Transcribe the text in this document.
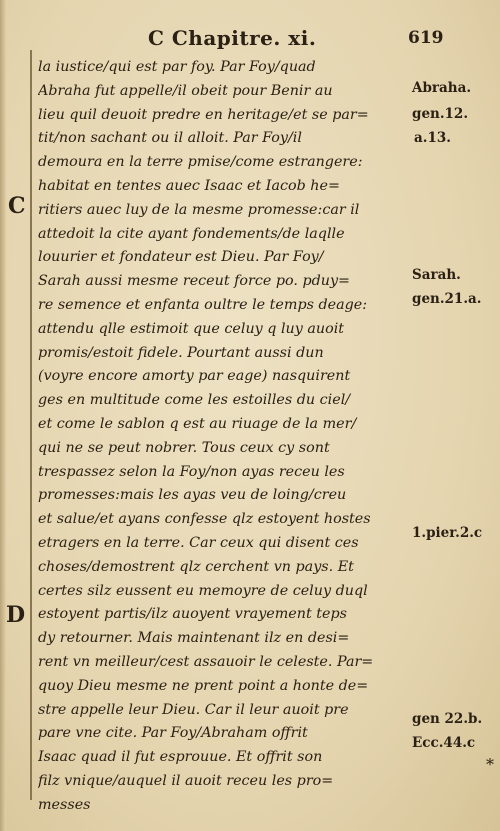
C Chapitre. xi.	619
la iustice/qui est par foy. Par Foy/quad
Abraha fut appelle/il obeit pour Benir au
lieu quil deuoit predre en heritage/et se par=
tit/non sachant ou il alloit. Par Foy/il
demoura en la terre pmise/come estrangere:
habitat en tentes auec Isaac et Iacob he=
ritiers auec luy de la mesme promesse:car il
attedoit la cite ayant fondements/de laqlle
louurier et fondateur est Dieu. Par Foy/
Sarah aussi mesme receut force po. pduy=
re semence et enfanta oultre le temps deage:
attendu qlle estimoit que celuy q luy auoit
promis/estoit fidele. Pourtant aussi dun
(voyre encore amorty par eage) nasquirent
ges en multitude come les estoilles du ciel/
et come le sablon q est au riuage de la mer/
qui ne se peut nobrer. Tous ceux cy sont
trespassez selon la Foy/non ayas receu les
promesses:mais les ayas veu de loing/creu
et salue/et ayans confesse qlz estoyent hostes
etragers en la terre. Car ceux qui disent ces
choses/demostrent qlz cerchent vn pays. Et
certes silz eussent eu memoyre de celuy duql
estoyent partis/ilz auoyent vrayement teps
dy retourner. Mais maintenant ilz en desi=
rent vn meilleur/cest assauoir le celeste. Par=
quoy Dieu mesme ne prent point a honte de=
stre appelle leur Dieu. Car il leur auoit pre
pare vne cite. Par Foy/Abraham offrit
Isaac quad il fut esprouue. Et offrit son
filz vnique/auquel il auoit receu les pro=
messes
Abraha.
gen.12.
a.13.
Sarah.
gen.21.a.
1.pier.2.c
gen 22.b.
Ecc.44.c
C
D
*
